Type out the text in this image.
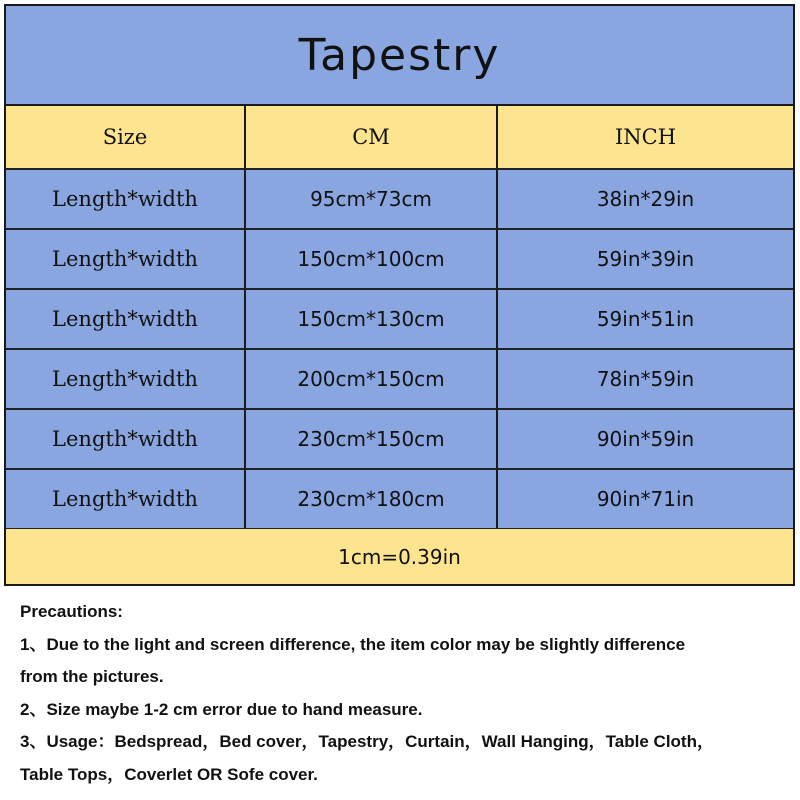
Tapestry
Size	CM	INCH
Length*width	95cm*73cm	38in*29in
Length*width	150cm*100cm	59in*39in
Length*width	150cm*130cm	59in*51in
Length*width	200cm*150cm	78in*59in
Length*width	230cm*150cm	90in*59in
Length*width	230cm*180cm	90in*71in
1cm=0.39in
Precautions:
1、Due to the light and screen difference, the item color may be slightly difference
from the pictures.
2、Size maybe 1-2 cm error due to hand measure.
3、Usage：Bedspread，Bed cover，Tapestry，Curtain，Wall Hanging，Table Cloth，
Table Tops，Coverlet OR Sofe cover.
